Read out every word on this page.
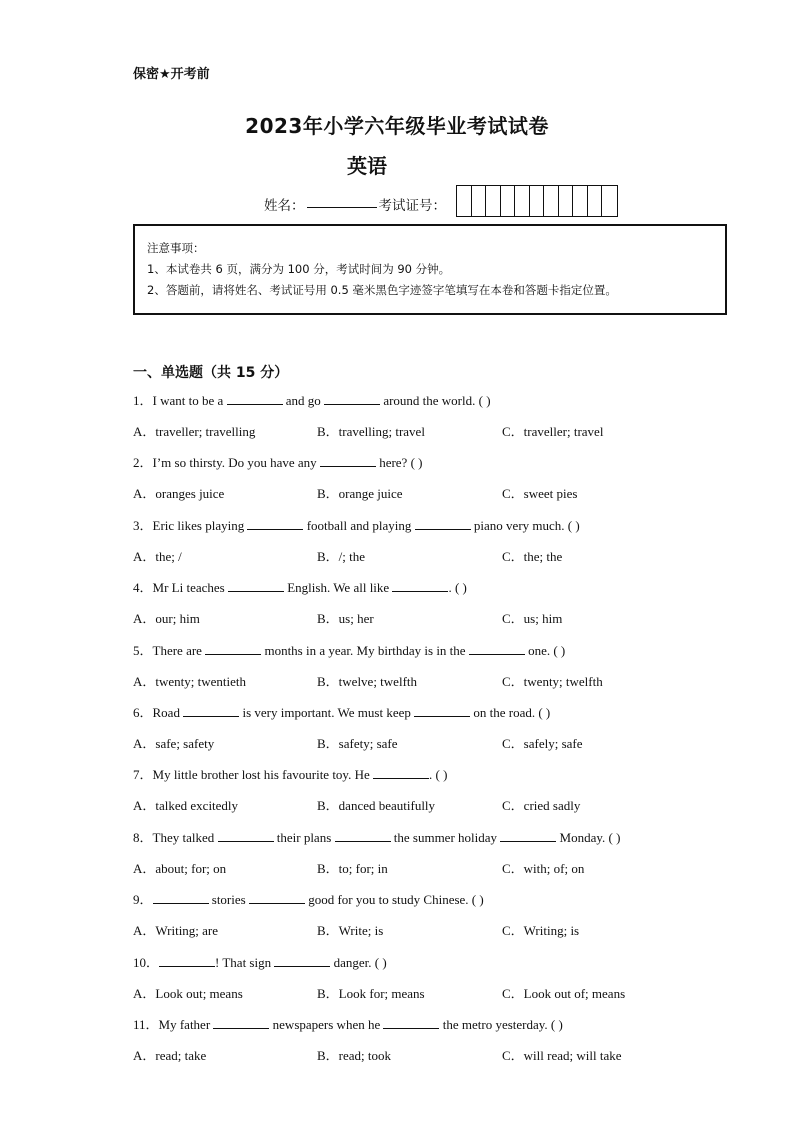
保密★开考前
2023年小学六年级毕业考试试卷
英语
姓名：	考试证号：

注意事项：

1、本试卷共 6 页，满分为 100 分，考试时间为 90 分钟。

2、答题前，请将姓名、考试证号用 0.5 毫米黑色字迹签字笔填写在本卷和答题卡指定位置。

一、单选题（共 15 分）
1．I want to be a	and go	around the world. ( )
A．traveller; travelling	B．travelling; travel	C．traveller; travel
2．I’m so thirsty. Do you have any	here? ( )
A．oranges juice	B．orange juice	C．sweet pies
3．Eric likes playing	football and playing	piano very much. ( )
A．the; /	B．/; the	C．the; the
4．Mr Li teaches	English. We all like	. ( )
A．our; him	B．us; her	C．us; him
5．There are	months in a year. My birthday is in the	one. ( )
A．twenty; twentieth	B．twelve; twelfth	C．twenty; twelfth
6．Road	is very important. We must keep	on the road. ( )
A．safe; safety	B．safety; safe	C．safely; safe
7．My little brother lost his favourite toy. He	. ( )
A．talked excitedly	B．danced beautifully	C．cried sadly
8．They talked	their plans	the summer holiday	Monday. ( )
A．about; for; on	B．to; for; in	C．with; of; on
9．	stories	good for you to study Chinese. ( )
A．Writing; are	B．Write; is	C．Writing; is
10．	! That sign	danger. ( )
A．Look out; means	B．Look for; means	C．Look out of; means
11．My father	newspapers when he	the metro yesterday. ( )
A．read; take	B．read; took	C．will read; will take
